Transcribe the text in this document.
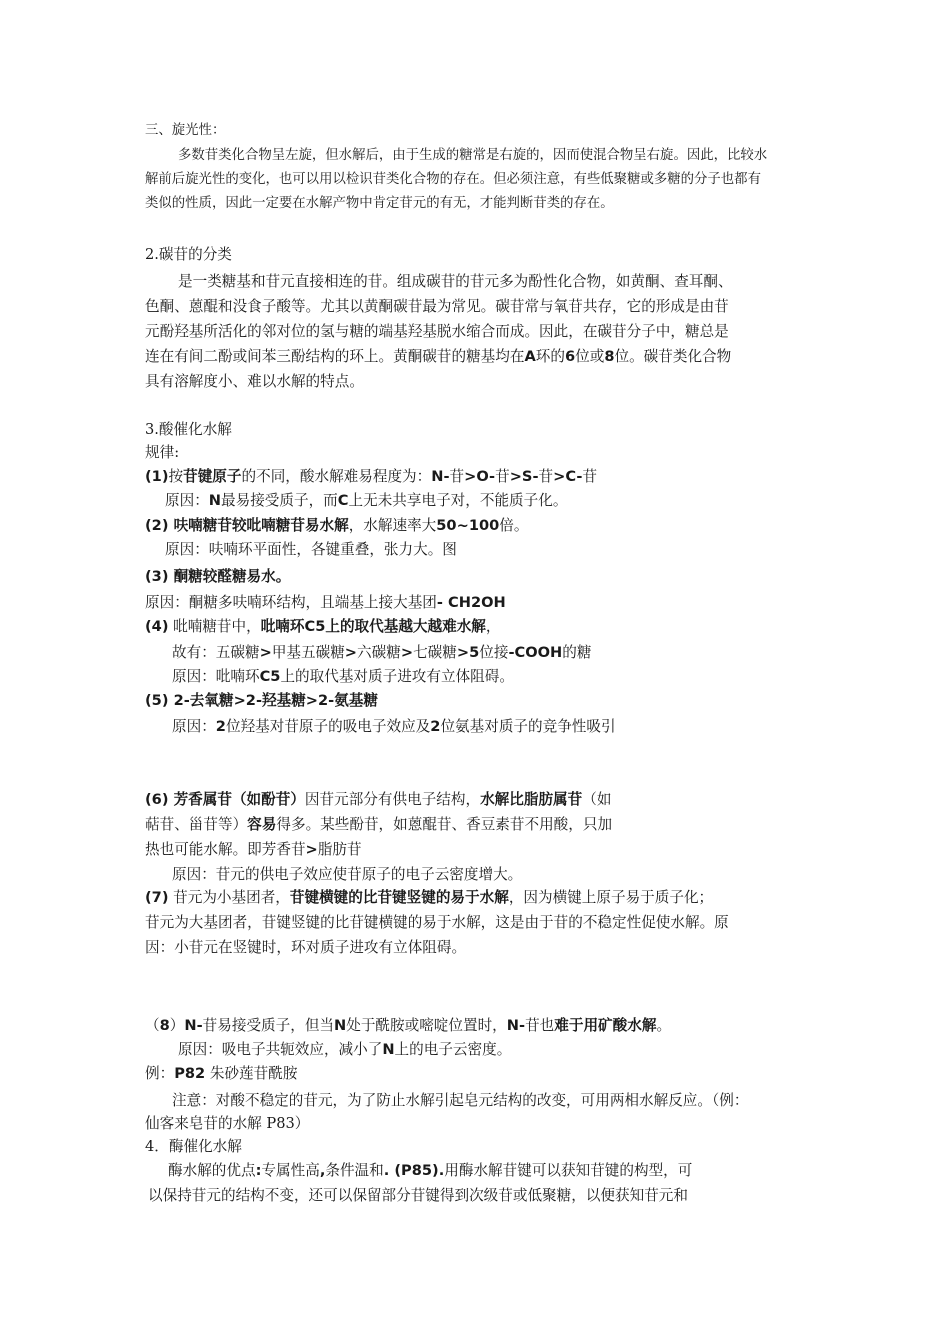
三、旋光性：
多数苷类化合物呈左旋，但水解后，由于生成的糖常是右旋的，因而使混合物呈右旋。因此，比较水
解前后旋光性的变化，也可以用以检识苷类化合物的存在。但必须注意，有些低聚糖或多糖的分子也都有
类似的性质，因此一定要在水解产物中肯定苷元的有无，才能判断苷类的存在。
2.碳苷的分类
是一类糖基和苷元直接相连的苷。组成碳苷的苷元多为酚性化合物，如黄酮、查耳酮、
色酮、蒽醌和没食子酸等。尤其以黄酮碳苷最为常见。碳苷常与氧苷共存，它的形成是由苷
元酚羟基所活化的邻对位的氢与糖的端基羟基脱水缩合而成。因此，在碳苷分子中，糖总是
连在有间二酚或间苯三酚结构的环上。黄酮碳苷的糖基均在A环的6位或8位。碳苷类化合物
具有溶解度小、难以水解的特点。
3.酸催化水解
规律:
(1)按苷键原子的不同，酸水解难易程度为：N-苷>O-苷>S-苷>C-苷
原因：N最易接受质子，而C上无未共享电子对，不能质子化。
(2) 呋喃糖苷较吡喃糖苷易水解，水解速率大50~100倍。
原因：呋喃环平面性，各键重叠，张力大。图
(3) 酮糖较醛糖易水。
原因：酮糖多呋喃环结构，且端基上接大基团- CH2OH
(4) 吡喃糖苷中，吡喃环C5上的取代基越大越难水解，
故有：五碳糖>甲基五碳糖>六碳糖>七碳糖>5位接-COOH的糖
原因：吡喃环C5上的取代基对质子进攻有立体阻碍。
(5) 2-去氧糖>2-羟基糖>2-氨基糖
原因：2位羟基对苷原子的吸电子效应及2位氨基对质子的竞争性吸引
(6) 芳香属苷（如酚苷）因苷元部分有供电子结构，水解比脂肪属苷（如
萜苷、甾苷等）容易得多。某些酚苷，如蒽醌苷、香豆素苷不用酸，只加
热也可能水解。即芳香苷>脂肪苷
原因：苷元的供电子效应使苷原子的电子云密度增大。
(7) 苷元为小基团者，苷键横键的比苷键竖键的易于水解，因为横键上原子易于质子化；
苷元为大基团者，苷键竖键的比苷键横键的易于水解，这是由于苷的不稳定性促使水解。原
因：小苷元在竖键时，环对质子进攻有立体阻碍。
（8）N-苷易接受质子，但当N处于酰胺或嘧啶位置时，N-苷也难于用矿酸水解。
原因：吸电子共轭效应，减小了N上的电子云密度。
例：P82 朱砂莲苷酰胺
注意：对酸不稳定的苷元，为了防止水解引起皂元结构的改变，可用两相水解反应。（例：
仙客来皂苷的水解 P83）
4．酶催化水解
酶水解的优点:专属性高,条件温和. (P85).用酶水解苷键可以获知苷键的构型，可
以保持苷元的结构不变，还可以保留部分苷键得到次级苷或低聚糖，以便获知苷元和
